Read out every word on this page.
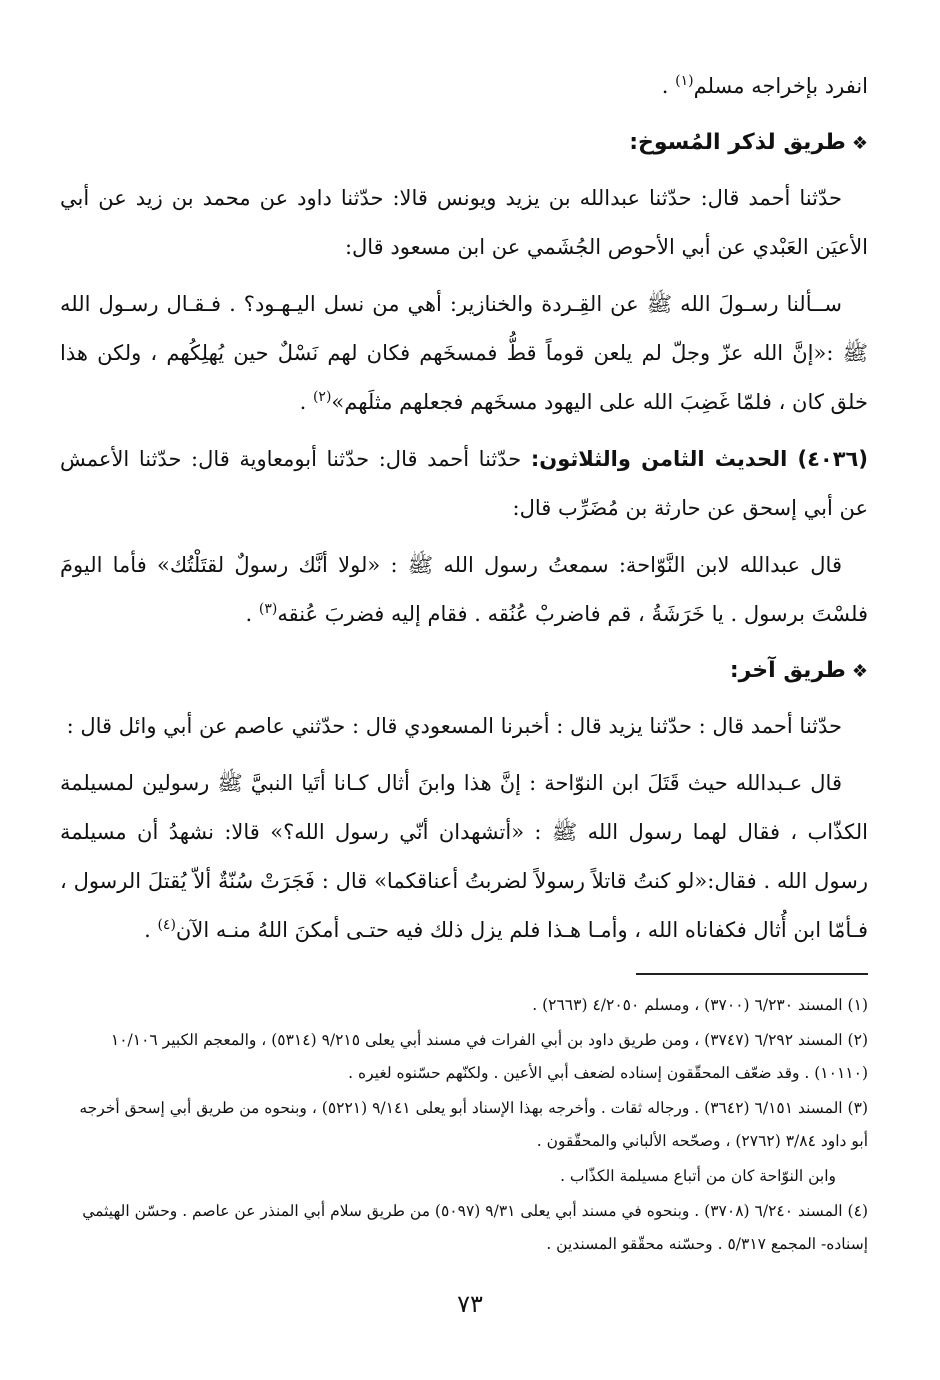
انفرد بإخراجه مسلم$^{(١)}$ .

❖طريق لذكر المُسوخ:

حدّثنا أحمد قال: حدّثنا عبدالله بن يزيد ويونس قالا: حدّثنا داود عن محمد بن زيد عن أبي الأعيَن العَبْدي عن أبي الأحوص الجُشَمي عن ابن مسعود قال:

ســألنا رسـولَ الله ﷺ عن القِـردة والخنازير: أهي من نسل اليـهـود؟ . فـقـال رسـول الله ﷺ :«إنَّ الله عزّ وجلّ لم يلعن قوماً قطُّ فمسخَهم فكان لهم نَسْلٌ حين يُهلِكُهم ، ولكن هذا خلق كان ، فلمّا غَضِبَ الله على اليهود مسخَهم فجعلهم مثلَهم»$^{(٢)}$ .

(٤٠٣٦) الحديث الثامن والثلاثون: حدّثنا أحمد قال: حدّثنا أبومعاوية قال: حدّثنا الأعمش عن أبي إسحق عن حارثة بن مُضَرِّب قال:

قال عبدالله لابن النَّوّاحة: سمعتُ رسول الله ﷺ : «لولا أنَّك رسولٌ لقتَلْتُك» فأما اليومَ فلسْتَ برسول . يا خَرَشَةُ ، قم فاضربْ عُنُقه . فقام إليه فضربَ عُنقه$^{(٣)}$ .

❖طريق آخر:

حدّثنا أحمد قال : حدّثنا يزيد قال : أخبرنا المسعودي قال : حدّثني عاصم عن أبي وائل قال :

قال عـبدالله حيث قَتَلَ ابن النوّاحة : إنَّ هذا وابنَ أثال كـانا أتَيا النبيَّ ﷺ رسولين لمسيلمة الكذّاب ، فقال لهما رسول الله ﷺ : «أتشهدان أنّي رسول الله؟» قالا: نشهدُ أن مسيلمة رسول الله . فقال:«لو كنتُ قاتلاً رسولاً لضربتُ أعناقكما» قال : فَجَرَتْ سُنّةٌ ألاّ يُقتلَ الرسول ، فـأمّا ابن أُثال فكفاناه الله ، وأمـا هـذا فلم يزل ذلك فيه حتـى أمكنَ اللهُ منـه الآن$^{(٤)}$ .

(١) المسند ٦/٢٣٠ (٣٧٠٠) ، ومسلم ٤/٢٠٥٠ (٢٦٦٣) .

(٢) المسند ٦/٢٩٢ (٣٧٤٧) ، ومن طريق داود بن أبي الفرات في مسند أبي يعلى ٩/٢١٥ (٥٣١٤) ، والمعجم الكبير ١٠/١٠٦ (١٠١١٠) . وقد ضعّف المحقّقون إسناده لضعف أبي الأعين . ولكنّهم حسّنوه لغيره .

(٣) المسند ٦/١٥١ (٣٦٤٢) . ورجاله ثقات . وأخرجه بهذا الإسناد أبو يعلى ٩/١٤١ (٥٢٢١) ، وبنحوه من طريق أبي إسحق أخرجه أبو داود ٣/٨٤ (٢٧٦٢) ، وصحّحه الألباني والمحقّقون .

وابن النوّاحة كان من أتباع مسيلمة الكذّاب .

(٤) المسند ٦/٢٤٠ (٣٧٠٨) . وبنحوه في مسند أبي يعلى ٩/٣١ (٥٠٩٧) من طريق سلام أبي المنذر عن عاصم . وحسّن الهيثمي إسناده- المجمع ٥/٣١٧ . وحسّنه محقّقو المسندين .

٧٣
